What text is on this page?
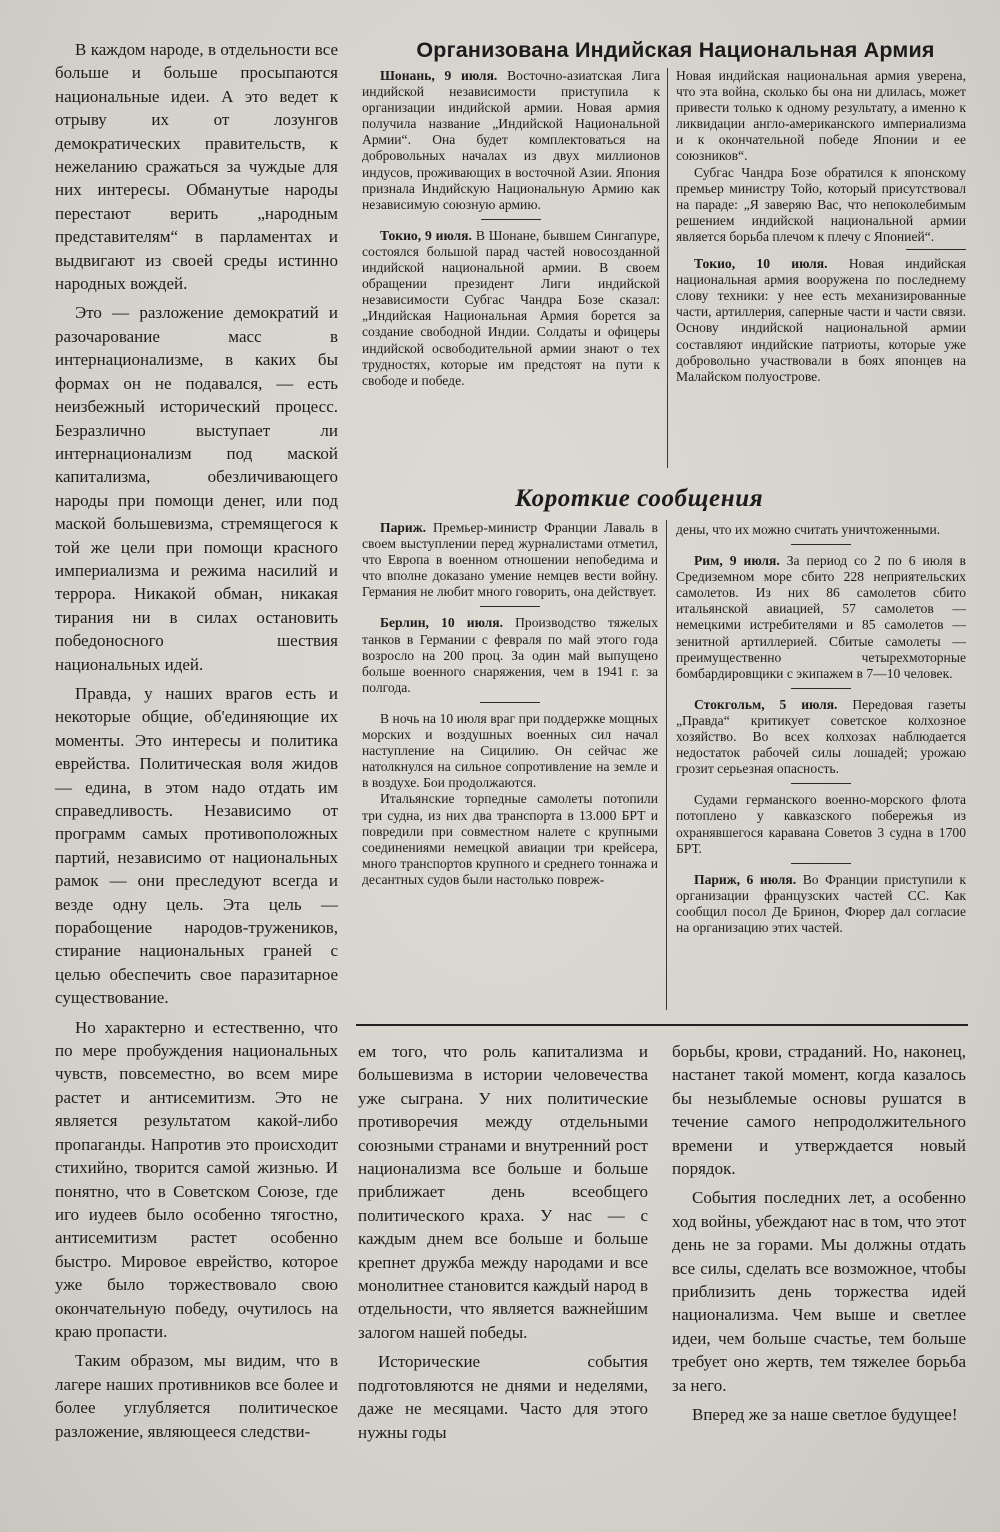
В каждом народе, в отдельности все больше и больше просыпаются национальные идеи. А это ведет к отрыву их от лозунгов демократических правительств, к нежеланию сражаться за чуждые для них интересы. Обманутые народы перестают верить „народным представителям“ в парламентах и выдвигают из своей среды истинно народных вождей.

Это — разложение демократий и разочарование масс в интернационализме, в каких бы формах он не подавался, — есть неизбежный исторический процесс. Безразлично выступает ли интернационализм под маской капитализма, обезличивающего народы при помощи денег, или под маской большевизма, стремящегося к той же цели при помощи красного империализма и режима насилий и террора. Никакой обман, никакая тирания ни в силах остановить победоносного шествия национальных идей.

Правда, у наших врагов есть и некоторые общие, об'единяющие их моменты. Это интересы и политика еврейства. Политическая воля жидов — едина, в этом надо отдать им справедливость. Независимо от программ самых противоположных партий, независимо от национальных рамок — они преследуют всегда и везде одну цель. Эта цель — порабощение народов-тружеников, стирание национальных граней с целью обеспечить свое паразитарное существование.

Но характерно и естественно, что по мере пробуждения национальных чувств, повсеместно, во всем мире растет и антисемитизм. Это не является результатом какой-либо пропаганды. Напротив это происходит стихийно, творится самой жизнью. И понятно, что в Советском Союзе, где иго иудеев было особенно тягостно, антисемитизм растет особенно быстро. Мировое еврейство, которое уже было торжествовало свою окончательную победу, очутилось на краю пропасти.

Таким образом, мы видим, что в лагере наших противников все более и более углубляется политическое разложение, являющееся следстви-

Организована Индийская Национальная Армия

Шонань, 9 июля. Восточно-азиатская Лига индийской независимости приступила к организации индийской армии. Новая армия получила название „Индийской Национальной Армии“. Она будет комплектоваться на добровольных началах из двух миллионов индусов, проживающих в восточной Азии. Япония признала Индийскую Национальную Армию как независимую союзную армию.

Токио, 9 июля. В Шонане, бывшем Сингапуре, состоялся большой парад частей новосозданной индийской национальной армии. В своем обращении президент Лиги индийской независимости Субгас Чандра Бозе сказал: „Индийская Национальная Армия борется за создание свободной Индии. Солдаты и офицеры индийской освободительной армии знают о тех трудностях, которые им предстоят на пути к свободе и победе.

Новая индийская национальная армия уверена, что эта война, сколько бы она ни длилась, может привести только к одному результату, а именно к ликвидации англо-американского империализма и к окончательной победе Японии и ее союзников“.

Субгас Чандра Бозе обратился к японскому премьер министру Тойо, который присутствовал на параде: „Я заверяю Вас, что непоколебимым решением индийской национальной армии является борьба плечом к плечу с Японией“.

Токио, 10 июля. Новая индийская национальная армия вооружена по последнему слову техники: у нее есть механизированные части, артиллерия, саперные части и части связи. Основу индийской национальной армии составляют индийские патриоты, которые уже добровольно участвовали в боях японцев на Малайском полуострове.

Короткие сообщения

Париж. Премьер-министр Франции Лаваль в своем выступлении перед журналистами отметил, что Европа в военном отношении непобедима и что вполне доказано умение немцев вести войну. Германия не любит много говорить, она действует.

Берлин, 10 июля. Производство тяжелых танков в Германии с февраля по май этого года возросло на 200 проц. За один май выпущено больше военного снаряжения, чем в 1941 г. за полгода.

В ночь на 10 июля враг при поддержке мощных морских и воздушных военных сил начал наступление на Сицилию. Он сейчас же натолкнулся на сильное сопротивление на земле и в воздухе. Бои продолжаются.

Итальянские торпедные самолеты потопили три судна, из них два транспорта в 13.000 БРТ и повредили при совместном налете с крупными соединениями немецкой авиации три крейсера, много транспортов крупного и среднего тоннажа и десантных судов были настолько повреж-

дены, что их можно считать уничтоженными.

Рим, 9 июля. За период со 2 по 6 июля в Средиземном море сбито 228 неприятельских самолетов. Из них 86 самолетов сбито итальянской авиацией, 57 самолетов — немецкими истребителями и 85 самолетов — зенитной артиллерией. Сбитые самолеты — преимущественно четырехмоторные бомбардировщики с экипажем в 7—10 человек.

Стокгольм, 5 июля. Передовая газеты „Правда“ критикует советское колхозное хозяйство. Во всех колхозах наблюдается недостаток рабочей силы лошадей; урожаю грозит серьезная опасность.

Судами германского военно-морского флота потоплено у кавказского побережья из охранявшегося каравана Советов 3 судна в 1700 БРТ.

Париж, 6 июля. Во Франции приступили к организации французских частей СС. Как сообщил посол Де Бринон, Фюрер дал согласие на организацию этих частей.

ем того, что роль капитализма и большевизма в истории человечества уже сыграна. У них политические противоречия между отдельными союзными странами и внутренний рост национализма все больше и больше приближает день всеобщего политического краха. У нас — с каждым днем все больше и больше крепнет дружба между народами и все монолитнее становится каждый народ в отдельности, что является важнейшим залогом нашей победы.

Исторические события подготовляются не днями и неделями, даже не месяцами. Часто для этого нужны годы

борьбы, крови, страданий. Но, наконец, настанет такой момент, когда казалось бы незыблемые основы рушатся в течение самого непродолжительного времени и утверждается новый порядок.

События последних лет, а особенно ход войны, убеждают нас в том, что этот день не за горами. Мы должны отдать все силы, сделать все возможное, чтобы приблизить день торжества идей национализма. Чем выше и светлее идеи, чем больше счастье, тем больше требует оно жертв, тем тяжелее борьба за него.

Вперед же за наше светлое будущее!
